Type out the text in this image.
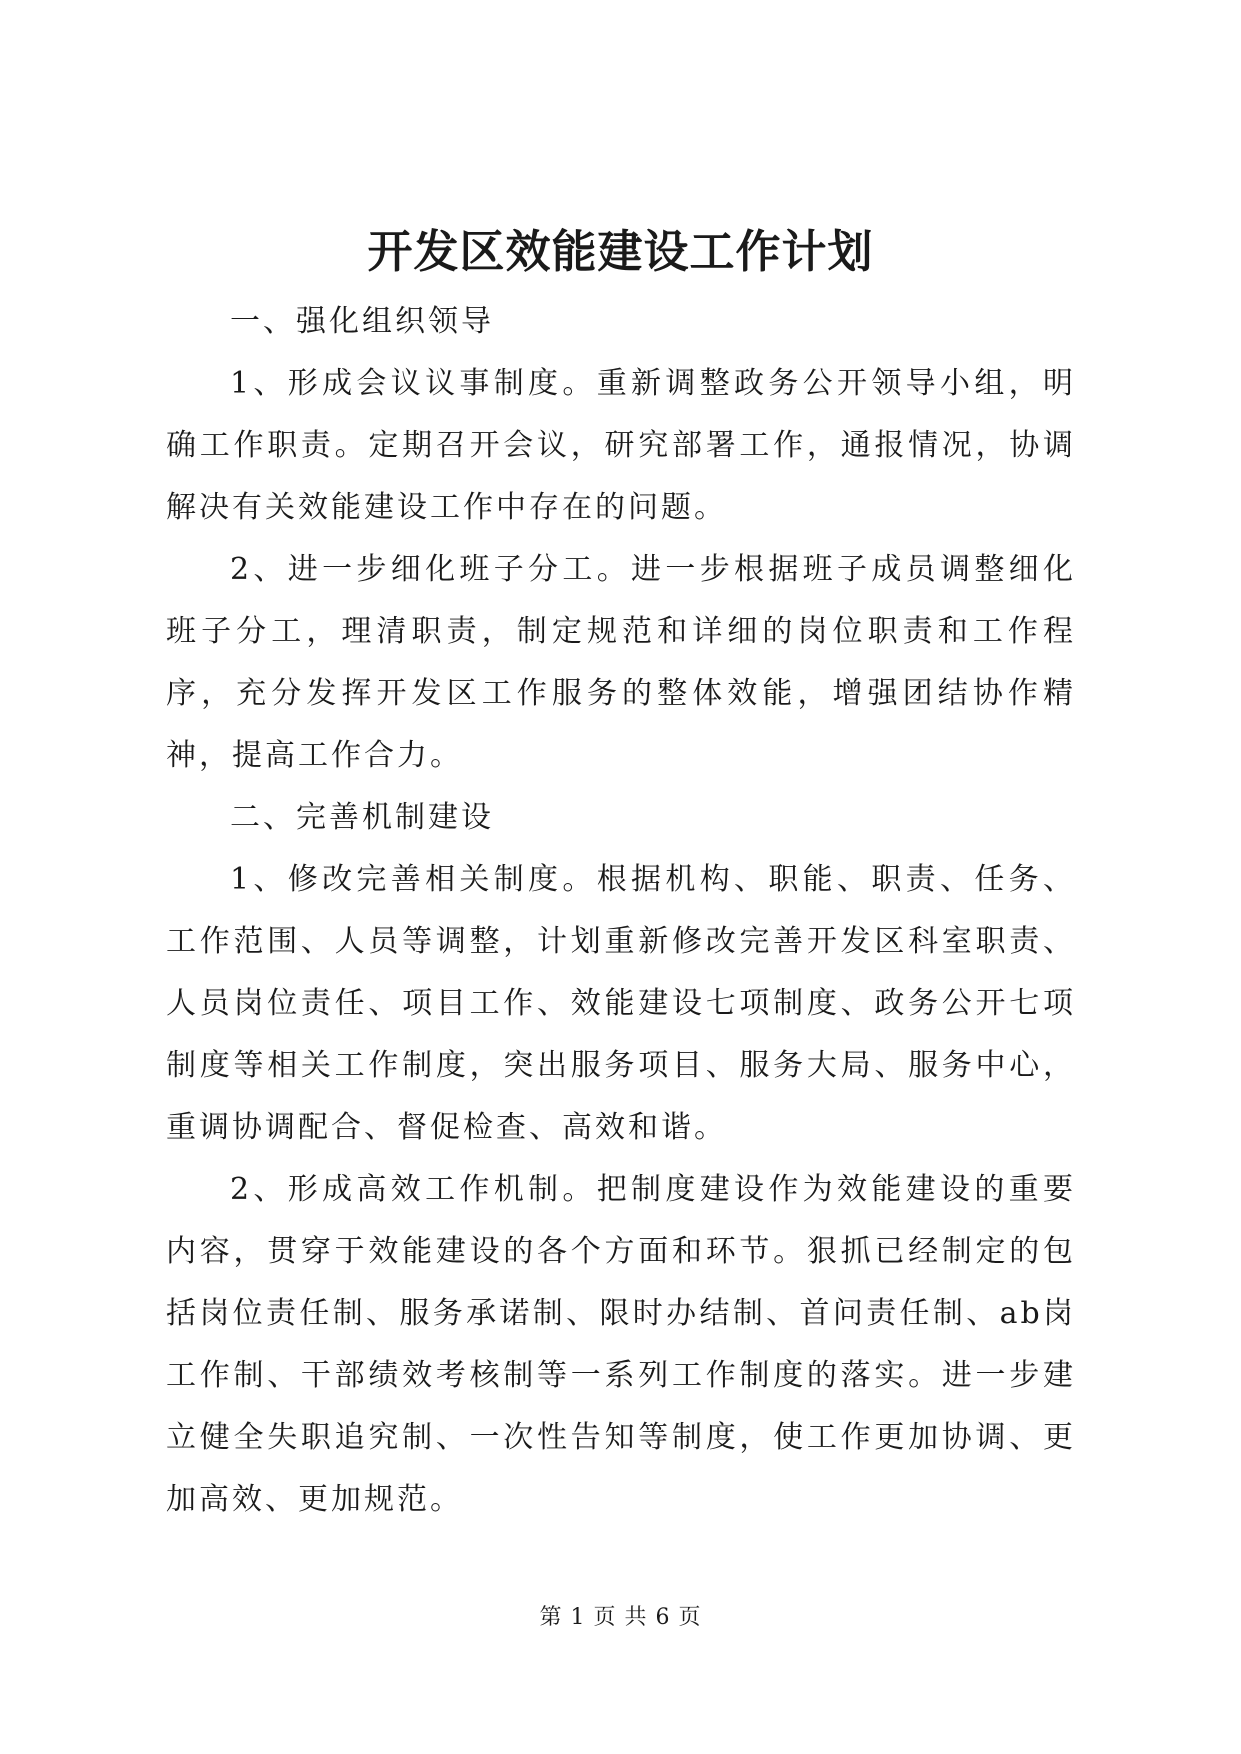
开发区效能建设工作计划

一、强化组织领导

1、形成会议议事制度。重新调整政务公开领导小组，明确工作职责。定期召开会议，研究部署工作，通报情况，协调解决有关效能建设工作中存在的问题。

2、进一步细化班子分工。进一步根据班子成员调整细化班子分工，理清职责，制定规范和详细的岗位职责和工作程序，充分发挥开发区工作服务的整体效能，增强团结协作精神，提高工作合力。

二、完善机制建设

1、修改完善相关制度。根据机构、职能、职责、任务、工作范围、人员等调整，计划重新修改完善开发区科室职责、人员岗位责任、项目工作、效能建设七项制度、政务公开七项制度等相关工作制度，突出服务项目、服务大局、服务中心，重调协调配合、督促检查、高效和谐。

2、形成高效工作机制。把制度建设作为效能建设的重要内容，贯穿于效能建设的各个方面和环节。狠抓已经制定的包括岗位责任制、服务承诺制、限时办结制、首问责任制、ab岗工作制、干部绩效考核制等一系列工作制度的落实。进一步建立健全失职追究制、一次性告知等制度，使工作更加协调、更加高效、更加规范。

第 1 页 共 6 页
